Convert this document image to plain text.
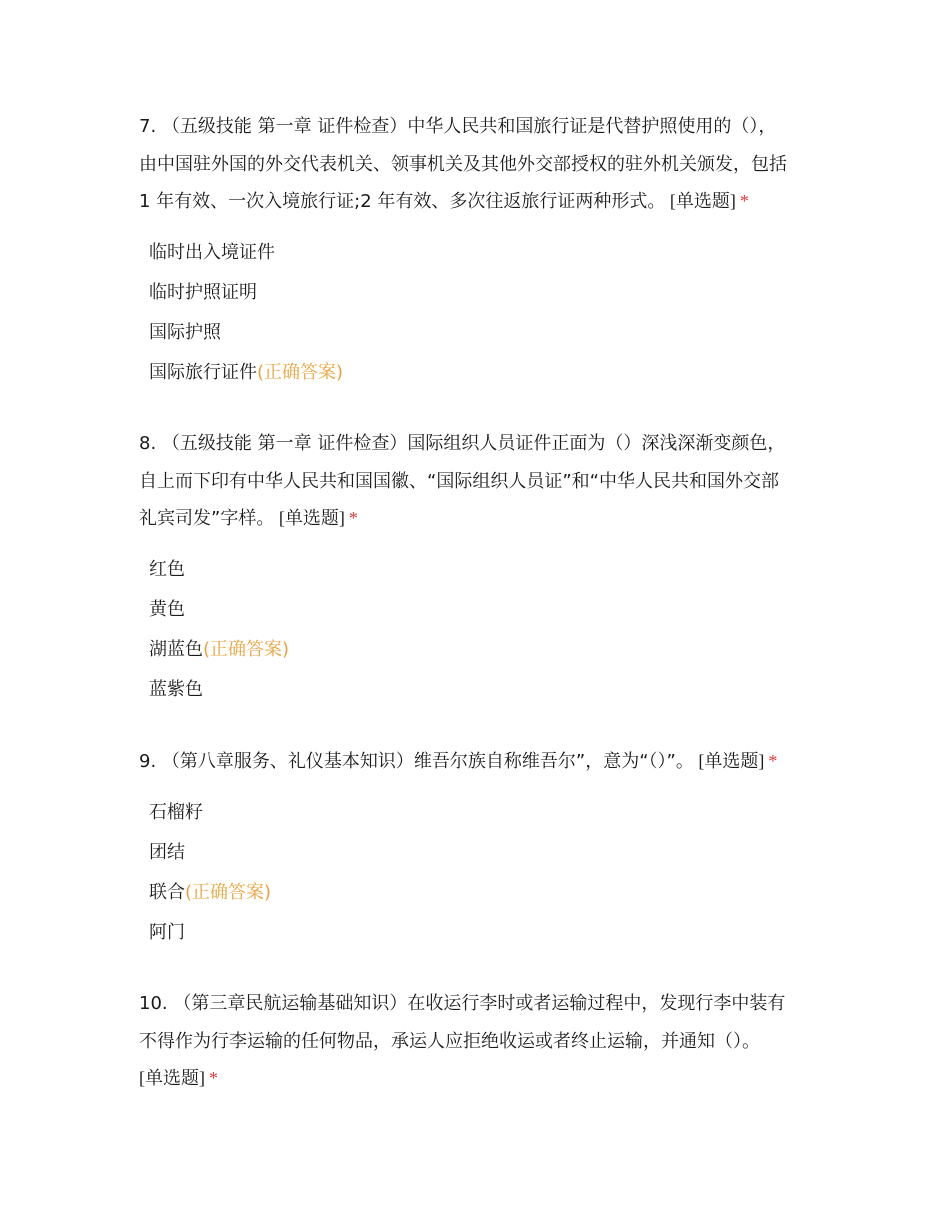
7. （五级技能 第一章 证件检查）中华人民共和国旅行证是代替护照使用的（），
由中国驻外国的外交代表机关、领事机关及其他外交部授权的驻外机关颁发，包括
1 年有效、一次入境旅行证;2 年有效、多次往返旅行证两种形式。 [单选题] *

临时出入境证件
临时护照证明
国际护照
国际旅行证件(正确答案)

8. （五级技能 第一章 证件检查）国际组织人员证件正面为（）深浅深渐变颜色，
自上而下印有中华人民共和国国徽、“国际组织人员证”和“中华人民共和国外交部
礼宾司发”字样。 [单选题] *

红色
黄色
湖蓝色(正确答案)
蓝紫色

9. （第八章服务、礼仪基本知识）维吾尔族自称维吾尔”，意为“（）”。 [单选题] *

石榴籽
团结
联合(正确答案)
阿门

10. （第三章民航运输基础知识）在收运行李时或者运输过程中，发现行李中装有
不得作为行李运输的任何物品，承运人应拒绝收运或者终止运输，并通知（）。
[单选题] *
